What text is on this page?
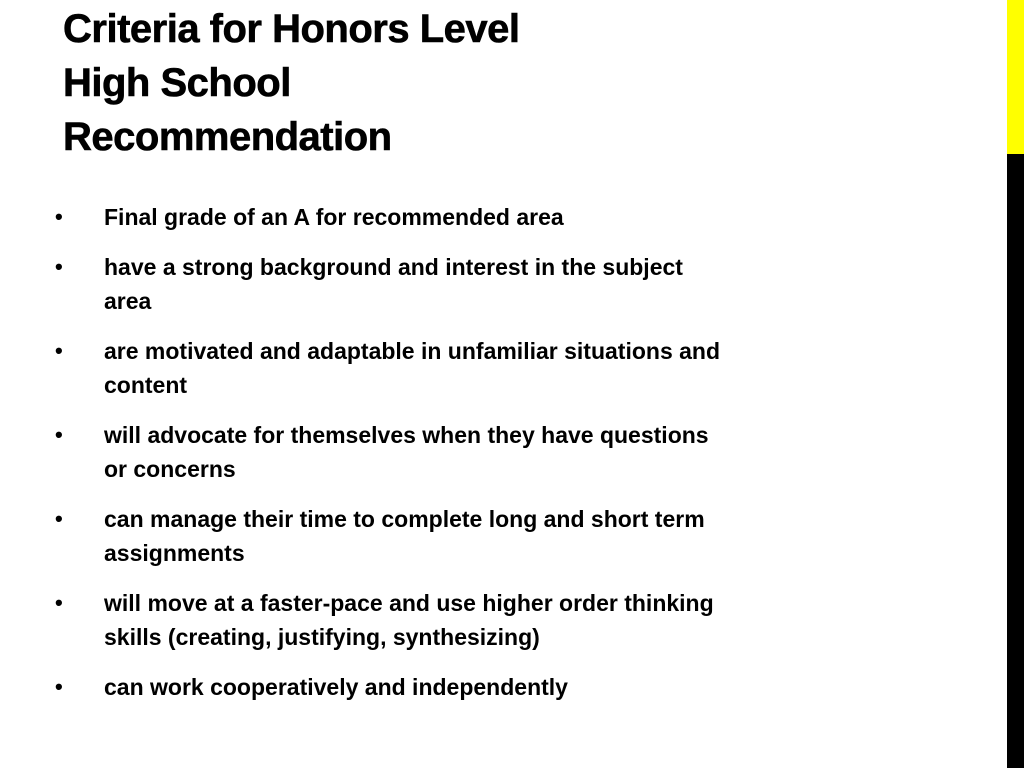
Criteria for Honors Level
High School
Recommendation
• Final grade of an A for recommended area
• have a strong background and interest in the subject
area
• are motivated and adaptable in unfamiliar situations and
content
• will advocate for themselves when they have questions
or concerns
• can manage their time to complete long and short term
assignments
• will move at a faster-pace and use higher order thinking
skills (creating, justifying, synthesizing)
• can work cooperatively and independently
